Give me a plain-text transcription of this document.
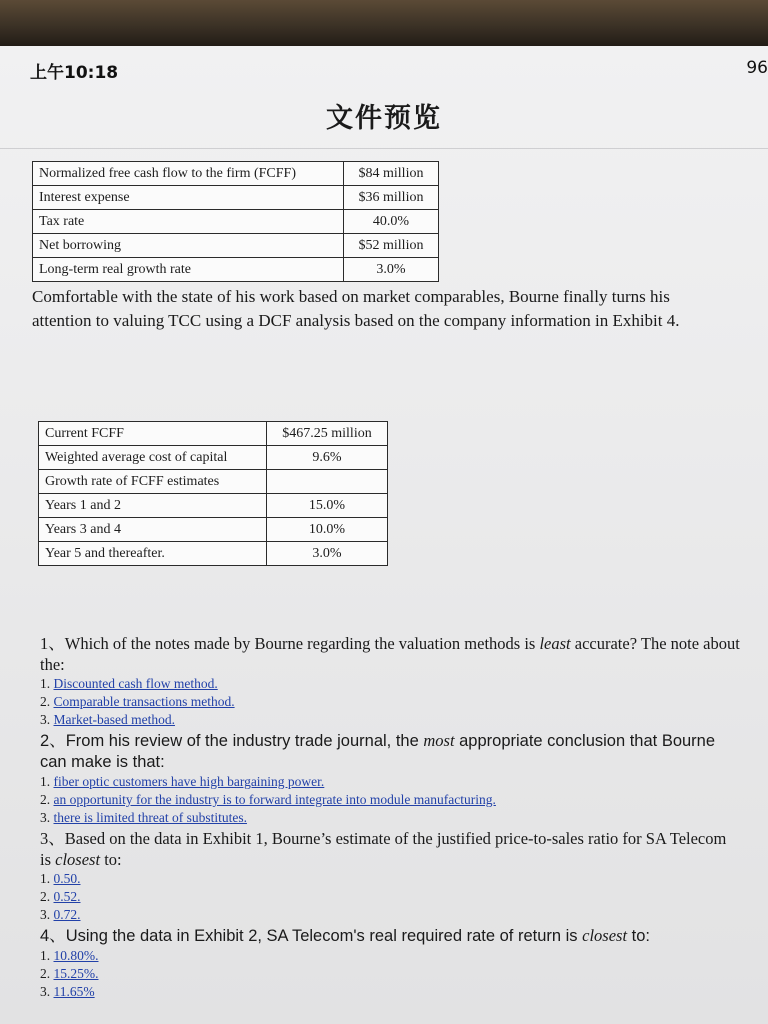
上午10:18	96
文件预览
Normalized free cash flow to the firm (FCFF)	$84 million
Interest expense	$36 million
Tax rate	40.0%
Net borrowing	$52 million
Long-term real growth rate	3.0%
Comfortable with the state of his work based on market comparables, Bourne finally turns his attention to valuing TCC using a DCF analysis based on the company information in Exhibit 4.
Current FCFF	$467.25 million
Weighted average cost of capital	9.6%
Growth rate of FCFF estimates	
Years 1 and 2	15.0%
Years 3 and 4	10.0%
Year 5 and thereafter.	3.0%

1、Which of the notes made by Bourne regarding the valuation methods is least accurate? The note about the:

1. Discounted cash flow method.
2. Comparable transactions method.
3. Market-based method.

2、From his review of the industry trade journal, the most appropriate conclusion that Bourne can make is that:

1. fiber optic customers have high bargaining power.
2. an opportunity for the industry is to forward integrate into module manufacturing.
3. there is limited threat of substitutes.

3、Based on the data in Exhibit 1, Bourne’s estimate of the justified price-to-sales ratio for SA Telecom is closest to:

1. 0.50.
2. 0.52.
3. 0.72.

4、Using the data in Exhibit 2, SA Telecom's real required rate of return is closest to:

1. 10.80%.
2. 15.25%.
3. 11.65%
